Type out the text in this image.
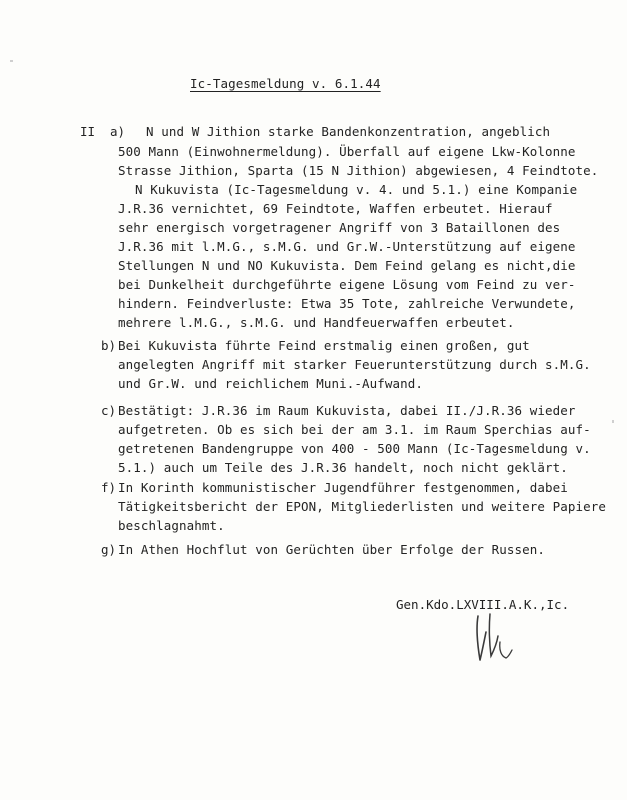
Ic-Tagesmeldung v. 6.1.44
II a) N und W Jithion starke Bandenkonzentration, angeblich
500 Mann (Einwohnermeldung). Überfall auf eigene Lkw-Kolonne
Strasse Jithion, Sparta (15 N Jithion) abgewiesen, 4 Feindtote.
N Kukuvista (Ic-Tagesmeldung v. 4. und 5.1.) eine Kompanie
J.R.36 vernichtet, 69 Feindtote, Waffen erbeutet. Hierauf
sehr energisch vorgetragener Angriff von 3 Bataillonen des
J.R.36 mit l.M.G., s.M.G. und Gr.W.-Unterstützung auf eigene
Stellungen N und NO Kukuvista. Dem Feind gelang es nicht,die
bei Dunkelheit durchgeführte eigene Lösung vom Feind zu ver-
hindern. Feindverluste: Etwa 35 Tote, zahlreiche Verwundete,
mehrere l.M.G., s.M.G. und Handfeuerwaffen erbeutet.
b) Bei Kukuvista führte Feind erstmalig einen großen, gut
angelegten Angriff mit starker Feuerunterstützung durch s.M.G.
und Gr.W. und reichlichem Muni.-Aufwand.
c) Bestätigt: J.R.36 im Raum Kukuvista, dabei II./J.R.36 wieder
aufgetreten. Ob es sich bei der am 3.1. im Raum Sperchias auf-
getretenen Bandengruppe von 400 - 500 Mann (Ic-Tagesmeldung v.
5.1.) auch um Teile des J.R.36 handelt, noch nicht geklärt.
f) In Korinth kommunistischer Jugendführer festgenommen, dabei
Tätigkeitsbericht der EPON, Mitgliederlisten und weitere Papiere
beschlagnahmt.
g) In Athen Hochflut von Gerüchten über Erfolge der Russen.
Gen.Kdo.LXVIII.A.K.,Ic.
